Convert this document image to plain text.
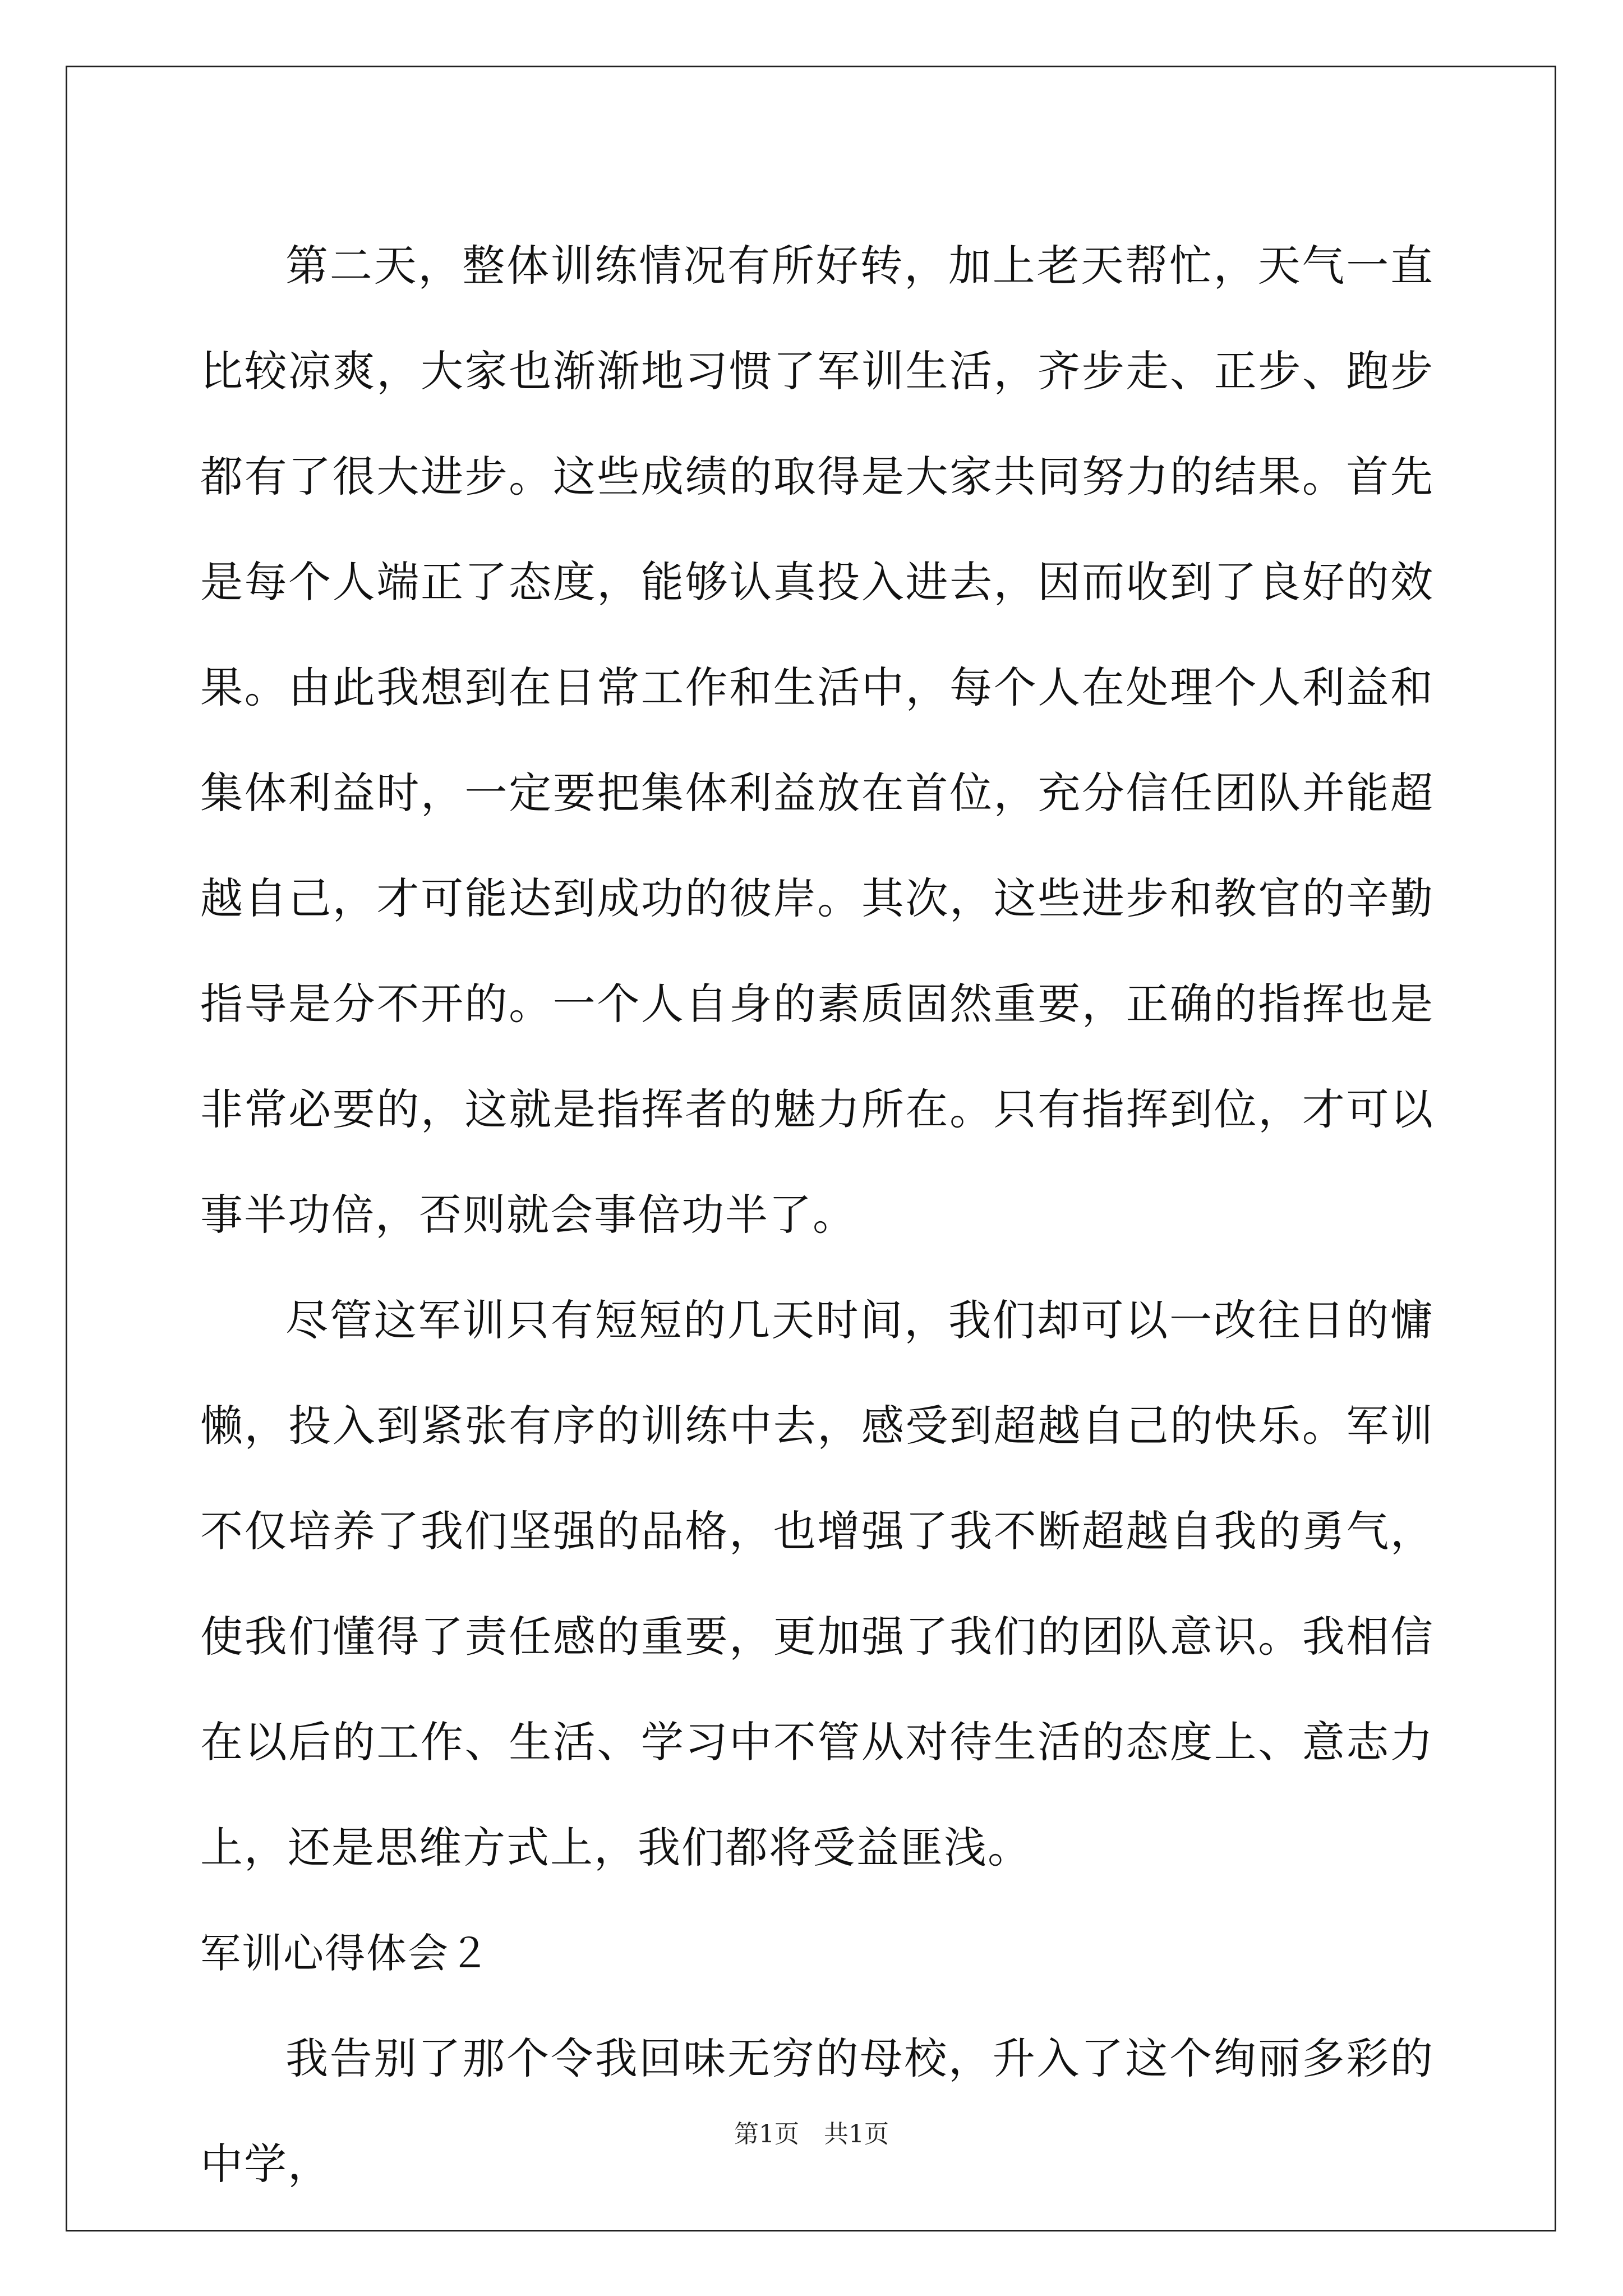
第二天，整体训练情况有所好转，加上老天帮忙，天气一直比较凉爽，大家也渐渐地习惯了军训生活，齐步走、正步、跑步都有了很大进步。这些成绩的取得是大家共同努力的结果。首先是每个人端正了态度，能够认真投入进去，因而收到了良好的效果。由此我想到在日常工作和生活中，每个人在处理个人利益和集体利益时，一定要把集体利益放在首位，充分信任团队并能超越自己，才可能达到成功的彼岸。其次，这些进步和教官的辛勤指导是分不开的。一个人自身的素质固然重要，正确的指挥也是非常必要的，这就是指挥者的魅力所在。只有指挥到位，才可以事半功倍，否则就会事倍功半了。

尽管这军训只有短短的几天时间，我们却可以一改往日的慵懒，投入到紧张有序的训练中去，感受到超越自己的快乐。军训不仅培养了我们坚强的品格，也增强了我不断超越自我的勇气，使我们懂得了责任感的重要，更加强了我们的团队意识。我相信在以后的工作、生活、学习中不管从对待生活的态度上、意志力上，还是思维方式上，我们都将受益匪浅。

军训心得体会２

我告别了那个令我回味无穷的母校，升入了这个绚丽多彩的中学，

第1页　共1页
